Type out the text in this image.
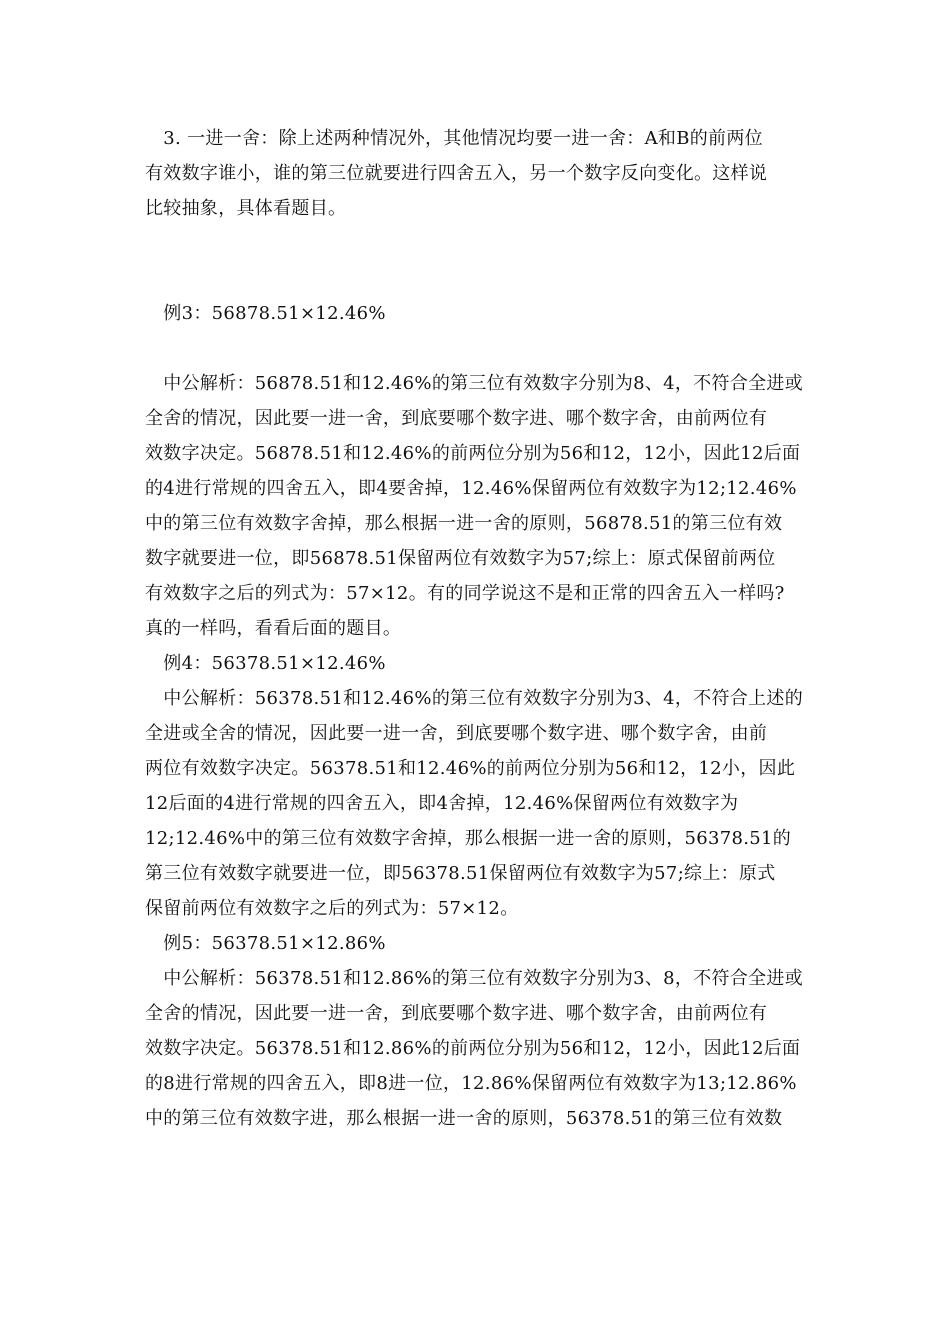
　3. 一进一舍：除上述两种情况外，其他情况均要一进一舍：A和B的前两位
有效数字谁小，谁的第三位就要进行四舍五入，另一个数字反向变化。这样说
比较抽象，具体看题目。
　例3：56878.51×12.46%
　中公解析：56878.51和12.46%的第三位有效数字分别为8、4，不符合全进或
全舍的情况，因此要一进一舍，到底要哪个数字进、哪个数字舍，由前两位有
效数字决定。56878.51和12.46%的前两位分别为56和12，12小，因此12后面
的4进行常规的四舍五入，即4要舍掉，12.46%保留两位有效数字为12;12.46%
中的第三位有效数字舍掉，那么根据一进一舍的原则，56878.51的第三位有效
数字就要进一位，即56878.51保留两位有效数字为57;综上：原式保留前两位
有效数字之后的列式为：57×12。有的同学说这不是和正常的四舍五入一样吗?
真的一样吗，看看后面的题目。
　例4：56378.51×12.46%
　中公解析：56378.51和12.46%的第三位有效数字分别为3、4，不符合上述的
全进或全舍的情况，因此要一进一舍，到底要哪个数字进、哪个数字舍，由前
两位有效数字决定。56378.51和12.46%的前两位分别为56和12，12小，因此
12后面的4进行常规的四舍五入，即4舍掉，12.46%保留两位有效数字为
12;12.46%中的第三位有效数字舍掉，那么根据一进一舍的原则，56378.51的
第三位有效数字就要进一位，即56378.51保留两位有效数字为57;综上：原式
保留前两位有效数字之后的列式为：57×12。
　例5：56378.51×12.86%
　中公解析：56378.51和12.86%的第三位有效数字分别为3、8，不符合全进或
全舍的情况，因此要一进一舍，到底要哪个数字进、哪个数字舍，由前两位有
效数字决定。56378.51和12.86%的前两位分别为56和12，12小，因此12后面
的8进行常规的四舍五入，即8进一位，12.86%保留两位有效数字为13;12.86%
中的第三位有效数字进，那么根据一进一舍的原则，56378.51的第三位有效数
